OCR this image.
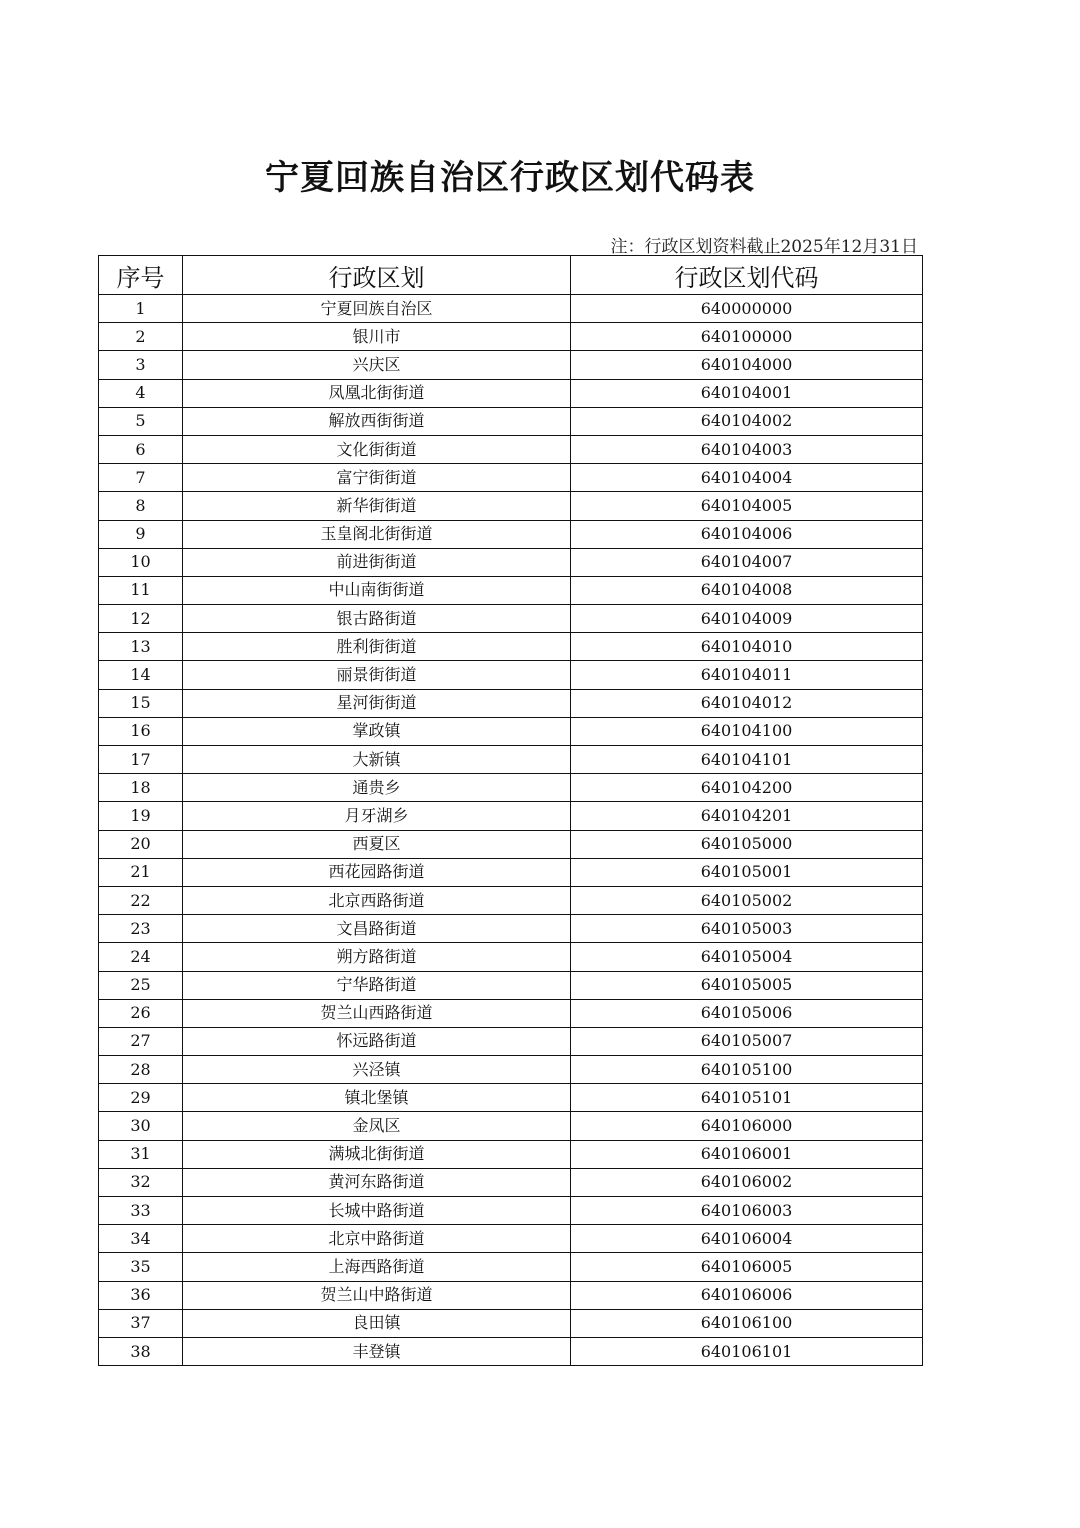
宁夏回族自治区行政区划代码表
注：行政区划资料截止2025年12月31日
序号	行政区划	行政区划代码
1	宁夏回族自治区	640000000
2	银川市	640100000
3	兴庆区	640104000
4	凤凰北街街道	640104001
5	解放西街街道	640104002
6	文化街街道	640104003
7	富宁街街道	640104004
8	新华街街道	640104005
9	玉皇阁北街街道	640104006
10	前进街街道	640104007
11	中山南街街道	640104008
12	银古路街道	640104009
13	胜利街街道	640104010
14	丽景街街道	640104011
15	星河街街道	640104012
16	掌政镇	640104100
17	大新镇	640104101
18	通贵乡	640104200
19	月牙湖乡	640104201
20	西夏区	640105000
21	西花园路街道	640105001
22	北京西路街道	640105002
23	文昌路街道	640105003
24	朔方路街道	640105004
25	宁华路街道	640105005
26	贺兰山西路街道	640105006
27	怀远路街道	640105007
28	兴泾镇	640105100
29	镇北堡镇	640105101
30	金凤区	640106000
31	满城北街街道	640106001
32	黄河东路街道	640106002
33	长城中路街道	640106003
34	北京中路街道	640106004
35	上海西路街道	640106005
36	贺兰山中路街道	640106006
37	良田镇	640106100
38	丰登镇	640106101
